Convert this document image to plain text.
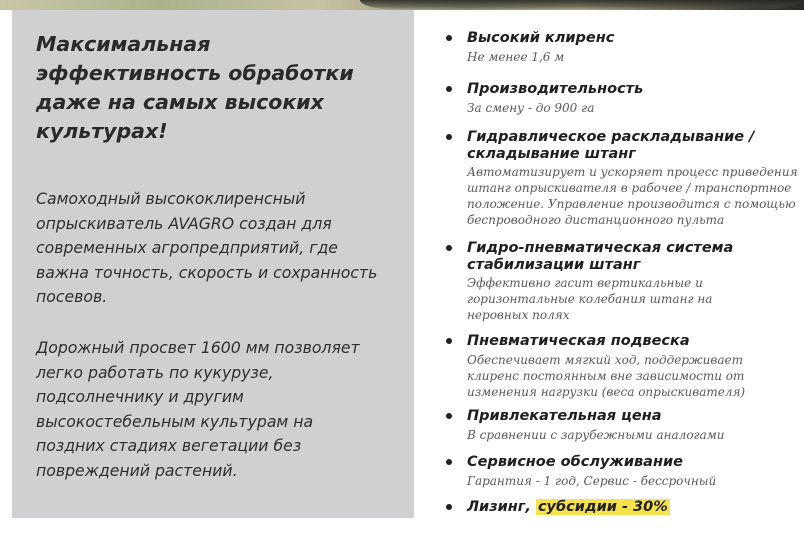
Максимальная эффективность обработки даже на самых высоких культурах!

Самоходный высококлиренсный опрыскиватель AVAGRO создан для современных агропредприятий, где важна точность, скорость и сохранность посевов.

Дорожный просвет 1600 мм позволяет легко работать по кукурузе, подсолнечнику и другим высокостебельным культурам на поздних стадиях вегетации без повреждений растений.

Высокий клиренс
Не менее 1,6 м
Производительность
За смену - до 900 га
Гидравлическое раскладывание / складывание штанг
Автоматизирует и ускоряет процесс приведения штанг опрыскивателя в рабочее / транспортное положение. Управление производится с помощью беспроводного дистанционного пульта
Гидро-пневматическая система стабилизации штанг
Эффективно гасит вертикальные и горизонтальные колебания штанг на неровных полях
Пневматическая подвеска
Обеспечивает мягкий ход, поддерживает клиренс постоянным вне зависимости от изменения нагрузки (веса опрыскивателя)
Привлекательная цена
В сравнении с зарубежными аналогами
Сервисное обслуживание
Гарантия - 1 год, Сервис - бессрочный
Лизинг, субсидии - 30%
